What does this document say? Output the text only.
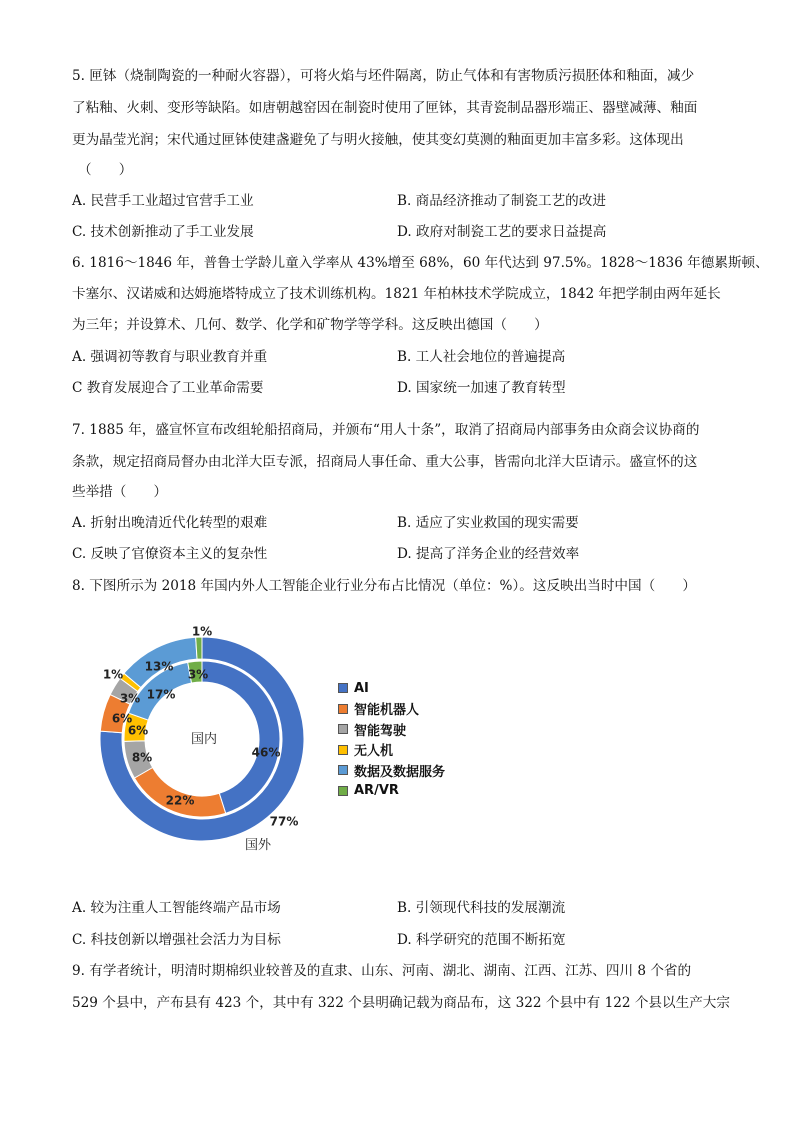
5. 匣钵（烧制陶瓷的一种耐火容器），可将火焰与坯件隔离，防止气体和有害物质污损胚体和釉面，减少
了粘釉、火刺、变形等缺陷。如唐朝越窑因在制瓷时使用了匣钵，其青瓷制品器形端正、器壁减薄、釉面
更为晶莹光润；宋代通过匣钵使建盏避免了与明火接触，使其变幻莫测的釉面更加丰富多彩。这体现出
（　　）
A. 民营手工业超过官营手工业	B. 商品经济推动了制瓷工艺的改进
C. 技术创新推动了手工业发展	D. 政府对制瓷工艺的要求日益提高
6. 1816～1846 年，普鲁士学龄儿童入学率从 43%增至 68%，60 年代达到 97.5%。1828～1836 年德累斯顿、
卡塞尔、汉诺威和达姆施塔特成立了技术训练机构。1821 年柏林技术学院成立，1842 年把学制由两年延长
为三年；并设算术、几何、数学、化学和矿物学等学科。这反映出德国（　　）
A. 强调初等教育与职业教育并重	B. 工人社会地位的普遍提高
C 教育发展迎合了工业革命需要	D. 国家统一加速了教育转型
7. 1885 年，盛宣怀宣布改组轮船招商局，并颁布“用人十条”，取消了招商局内部事务由众商会议协商的
条款，规定招商局督办由北洋大臣专派，招商局人事任命、重大公事，皆需向北洋大臣请示。盛宣怀的这
些举措（　　）
A. 折射出晚清近代化转型的艰难	B. 适应了实业救国的现实需要
C. 反映了官僚资本主义的复杂性	D. 提高了洋务企业的经营效率
8. 下图所示为 2018 年国内外人工智能企业行业分布占比情况（单位：%）。这反映出当时中国（　　）
46%
22%
8%
6%
17%
3%
77%
6%
3%
1%
13%
1%
国内
国外
AI
智能机器人
智能驾驶
无人机
数据及数据服务
AR/VR
A. 较为注重人工智能终端产品市场	B. 引领现代科技的发展潮流
C. 科技创新以增强社会活力为目标	D. 科学研究的范围不断拓宽
9. 有学者统计，明清时期棉织业较普及的直隶、山东、河南、湖北、湖南、江西、江苏、四川 8 个省的
529 个县中，产布县有 423 个，其中有 322 个县明确记载为商品布，这 322 个县中有 122 个县以生产大宗
